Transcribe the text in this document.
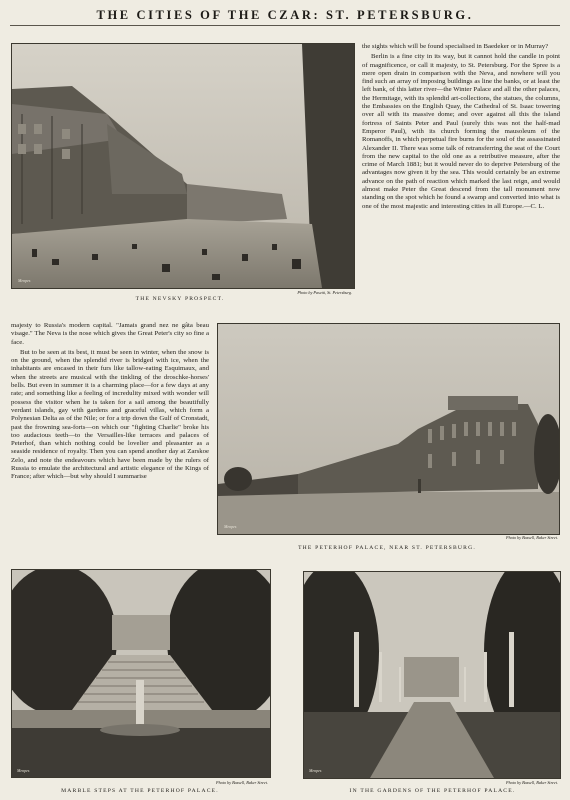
THE CITIES OF THE CZAR: ST. PETERSBURG.
Menpes
THE NEVSKY PROSPECT.
Photo by Pasetti, St. Petersburg.

the sights which will be found specialised in Baedeker or in Murray?

Berlin is a fine city in its way, but it cannot hold the candle in point of magnificence, or call it majesty, to St. Petersburg. For the Spree is a mere open drain in comparison with the Neva, and nowhere will you find such an array of imposing buildings as line the banks, or at least the left bank, of this latter river—the Winter Palace and all the other palaces, the Hermitage, with its splendid art-collections, the statues, the columns, the Embassies on the English Quay, the Cathedral of St. Isaac towering over all with its massive dome; and over against all this the island fortress of Saints Peter and Paul (surely this was not the half-mad Emperor Paul), with its church forming the mausoleum of the Romanoffs, in which perpetual fire burns for the soul of the assassinated Alexander II. There was some talk of retransferring the seat of the Court from the new capital to the old one as a retributive measure, after the crime of March 1881; but it would never do to deprive Petersburg of the advantages now given it by the sea. This would certainly be an extreme advance on the path of reaction which marked the last reign, and would almost make Peter the Great descend from the tall monument now standing on the spot which he found a swamp and converted into what is one of the most majestic and interesting cities in all Europe.—C. L.

majesty to Russia's modern capital. "Jamais grand nez ne gâta beau visage." The Neva is the nose which gives the Great Peter's city so fine a face.

But to be seen at its best, it must be seen in winter, when the snow is on the ground, when the splendid river is bridged with ice, when the inhabitants are encased in their furs like tallow-eating Esquimaux, and when the streets are musical with the tinkling of the droschke-horses' bells. But even in summer it is a charming place—for a few days at any rate; and something like a feeling of incredulity mixed with wonder will possess the visitor when he is taken for a sail among the beautifully verdant islands, gay with gardens and graceful villas, which form a Polynesian Delta as of the Nile; or for a trip down the Gulf of Cronstadt, past the frowning sea-forts—on which our "fighting Charlie" broke his too audacious teeth—to the Versailles-like terraces and palaces of Peterhof, than which nothing could be lovelier and pleasanter as a seaside residence of royalty. Then you can spend another day at Zarskoe Zelo, and note the endeavours which have been made by the rulers of Russia to emulate the architectural and artistic elegance of the Kings of France; after which—but why should I summarise

Menpes
Photo by Bassell, Baker Street.
THE PETERHOF PALACE, NEAR ST. PETERSBURG.
Menpes
Photo by Bassell, Baker Street.
MARBLE STEPS AT THE PETERHOF PALACE.
Menpes
Photo by Bassell, Baker Street.
IN THE GARDENS OF THE PETERHOF PALACE.
